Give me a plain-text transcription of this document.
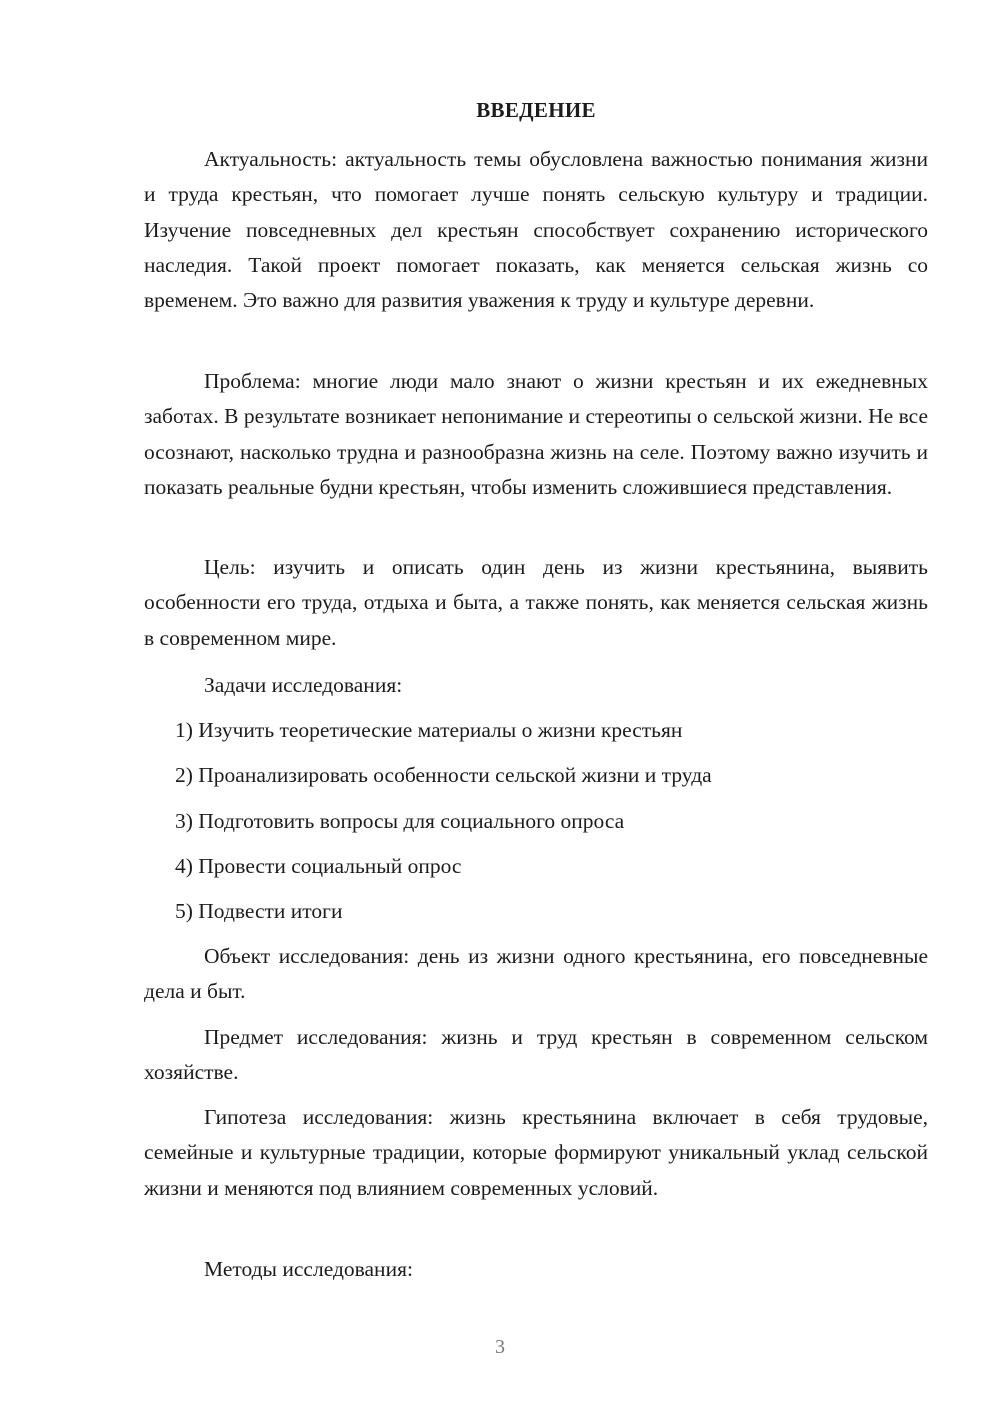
ВВЕДЕНИЕ

Актуальность: актуальность темы обусловлена важностью понимания жизни и труда крестьян, что помогает лучше понять сельскую культуру и традиции. Изучение повседневных дел крестьян способствует сохранению исторического наследия. Такой проект помогает показать, как меняется сельская жизнь со временем. Это важно для развития уважения к труду и культуре деревни.

Проблема: многие люди мало знают о жизни крестьян и их ежедневных заботах. В результате возникает непонимание и стереотипы о сельской жизни. Не все осознают, насколько трудна и разнообразна жизнь на селе. Поэтому важно изучить и показать реальные будни крестьян, чтобы изменить сложившиеся представления.

Цель: изучить и описать один день из жизни крестьянина, выявить особенности его труда, отдыха и быта, а также понять, как меняется сельская жизнь в современном мире.

Задачи исследования:

1) Изучить теоретические материалы о жизни крестьян

2) Проанализировать особенности сельской жизни и труда

3) Подготовить вопросы для социального опроса

4) Провести социальный опрос

5) Подвести итоги

Объект исследования: день из жизни одного крестьянина, его повседневные дела и быт.

Предмет исследования: жизнь и труд крестьян в современном сельском хозяйстве.

Гипотеза исследования: жизнь крестьянина включает в себя трудовые, семейные и культурные традиции, которые формируют уникальный уклад сельской жизни и меняются под влиянием современных условий.

Методы исследования:

3
